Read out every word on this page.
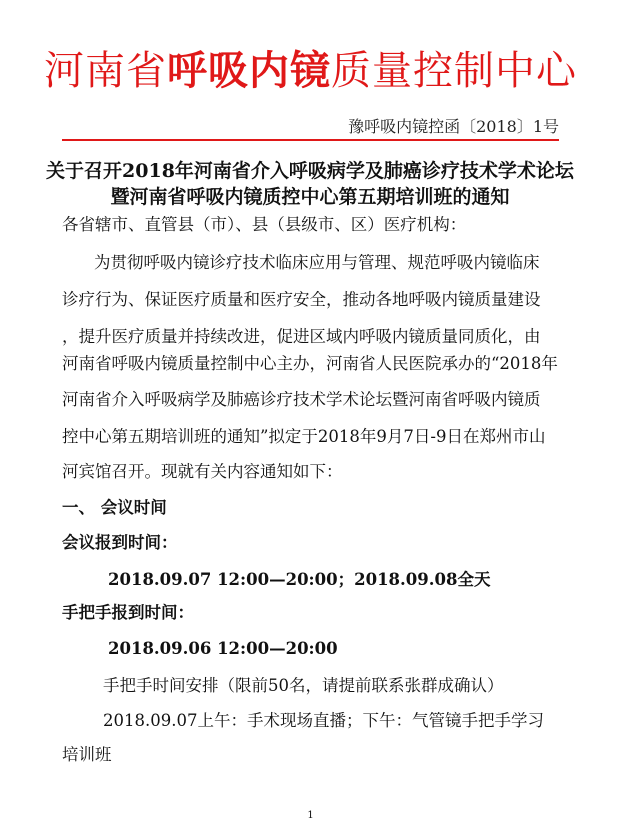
河南省呼吸内镜质量控制中心
豫呼吸内镜控函〔2018〕1号
关于召开2018年河南省介入呼吸病学及肺癌诊疗技术学术论坛
暨河南省呼吸内镜质控中心第五期培训班的通知
各省辖市、直管县（市）、县（县级市、区）医疗机构：
为贯彻呼吸内镜诊疗技术临床应用与管理、规范呼吸内镜临床
诊疗行为、保证医疗质量和医疗安全，推动各地呼吸内镜质量建设
，提升医疗质量并持续改进，促进区域内呼吸内镜质量同质化，由
河南省呼吸内镜质量控制中心主办，河南省人民医院承办的“2018年
河南省介入呼吸病学及肺癌诊疗技术学术论坛暨河南省呼吸内镜质
控中心第五期培训班的通知”拟定于2018年9月7日-9日在郑州市山
河宾馆召开。现就有关内容通知如下：
一、 会议时间
会议报到时间：
2018.09.07 12:00—20:00；2018.09.08全天
手把手报到时间：
2018.09.06 12:00—20:00
手把手时间安排（限前50名，请提前联系张群成确认）
2018.09.07上午：手术现场直播；下午：气管镜手把手学习
培训班
1
